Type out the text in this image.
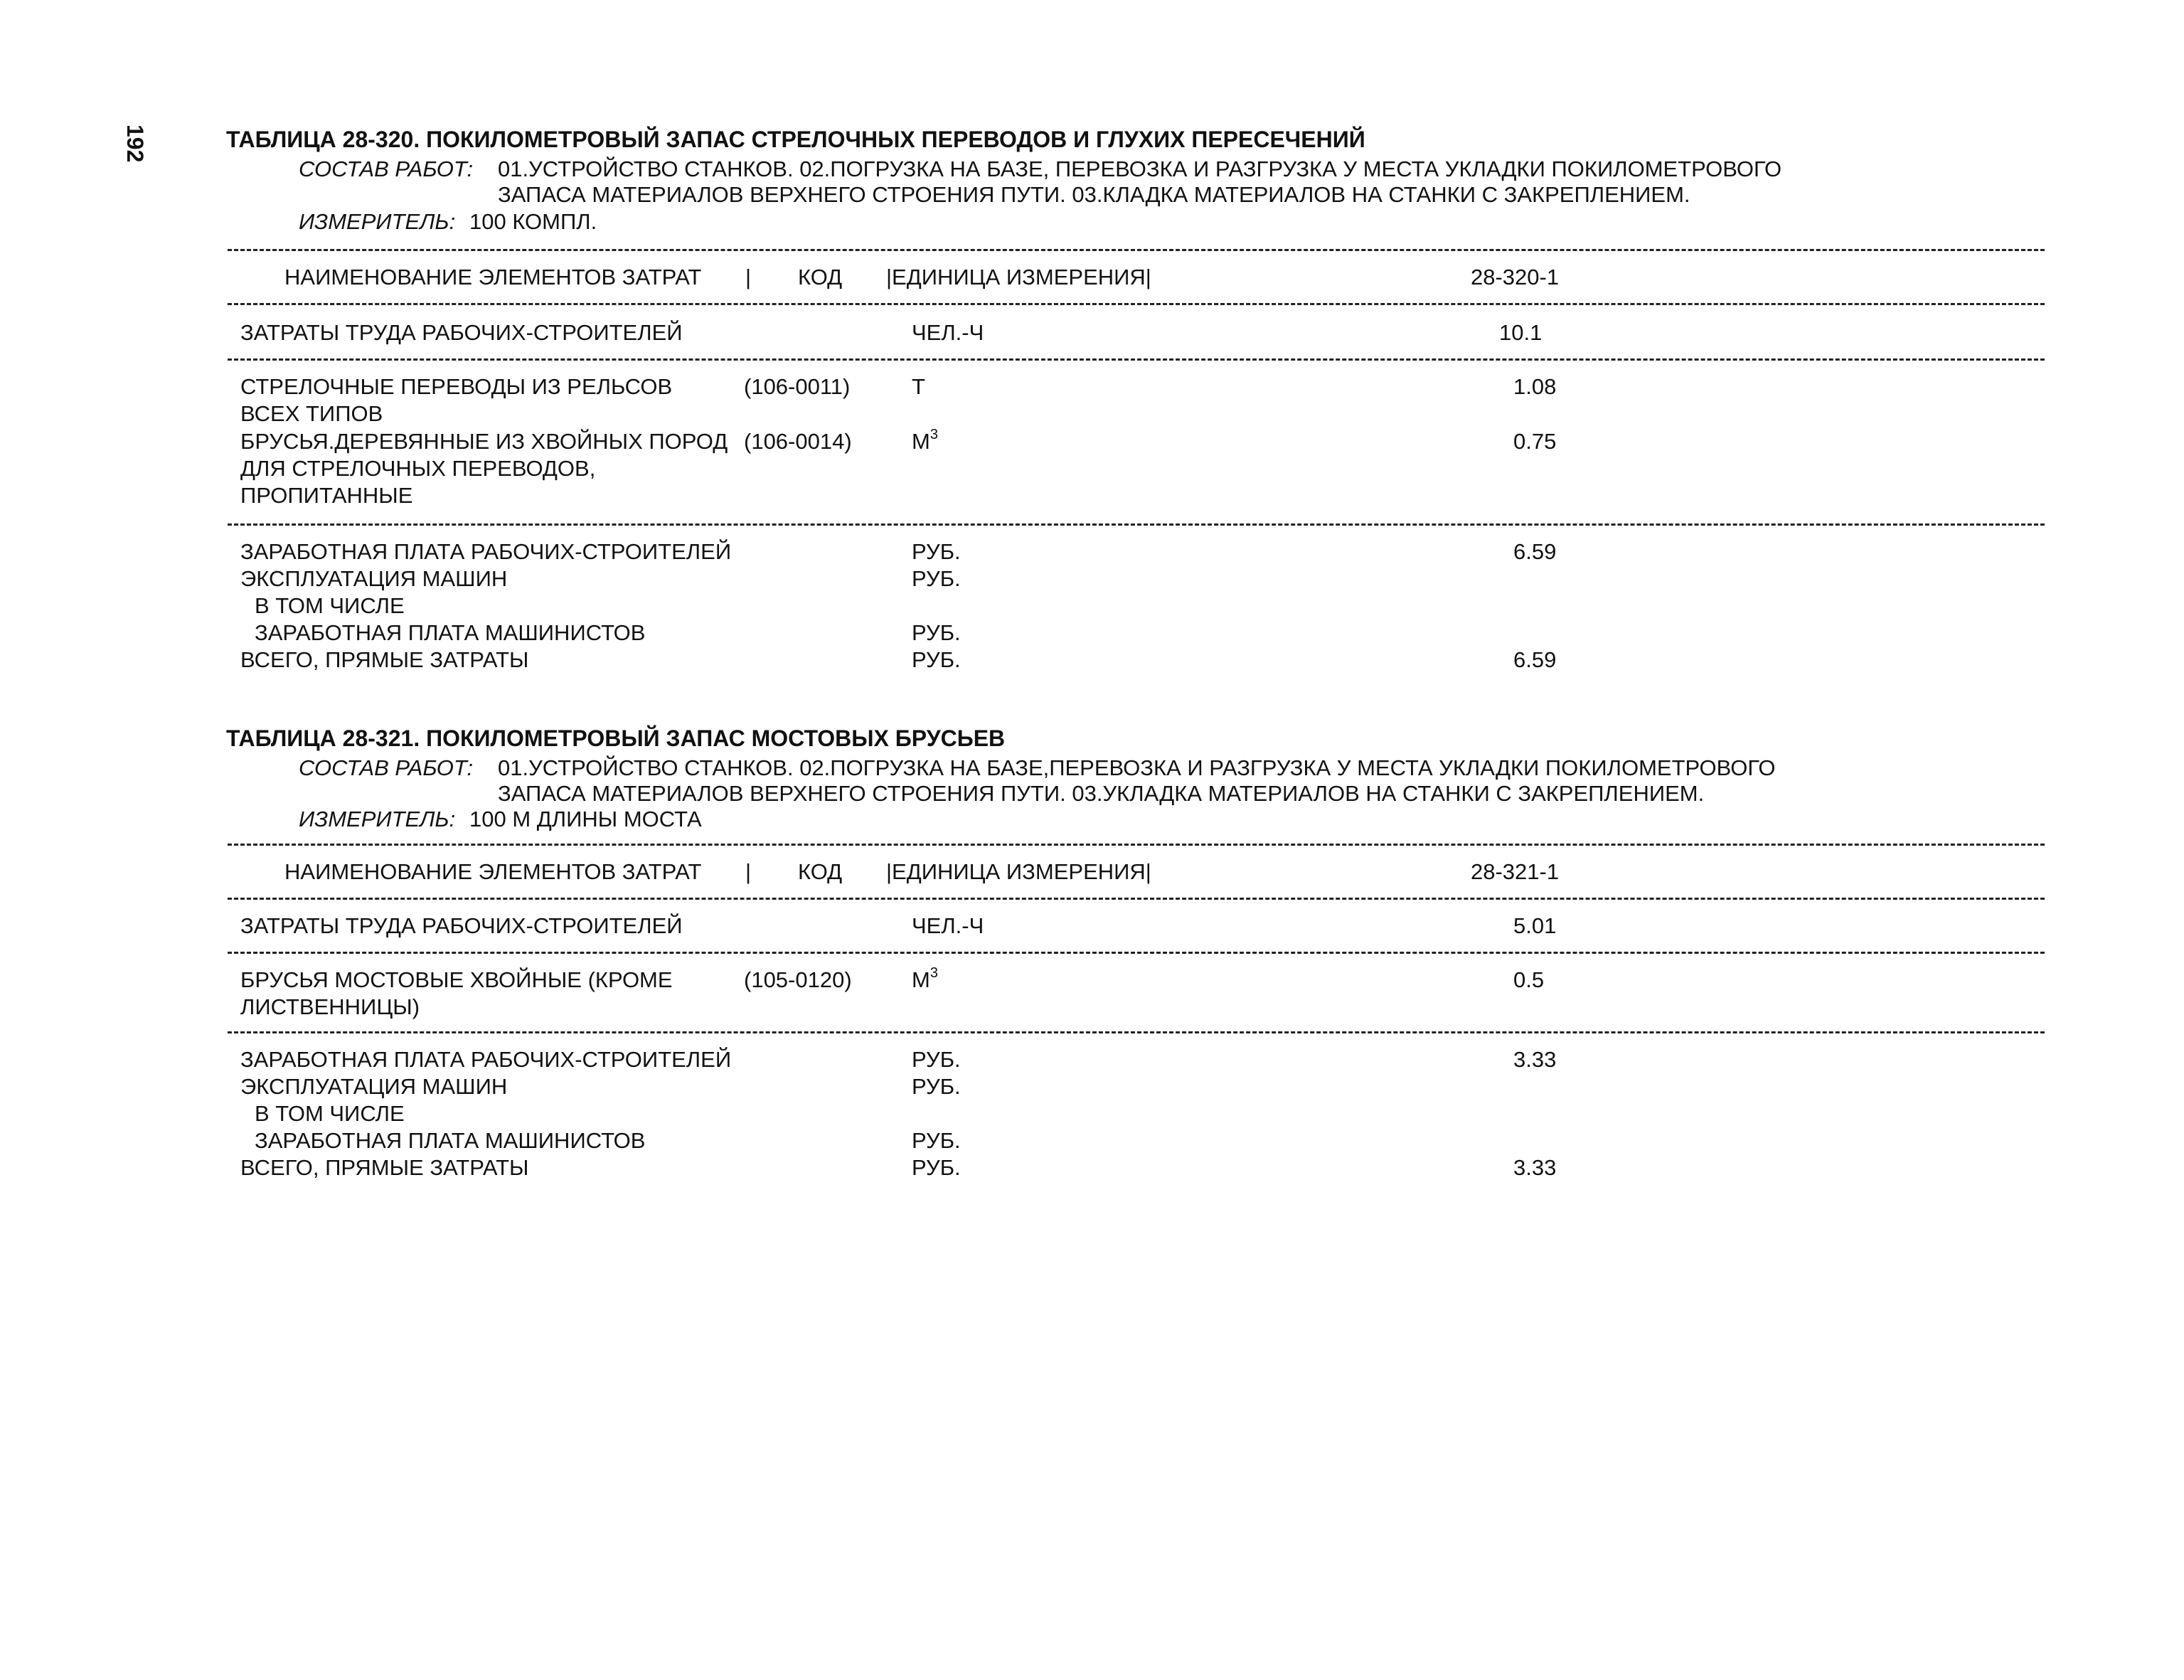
192	ТАБЛИЦА 28-320. ПОКИЛОМЕТРОВЫЙ ЗАПАС СТРЕЛОЧНЫХ ПЕРЕВОДОВ И ГЛУХИХ ПЕРЕСЕЧЕНИЙ
СОСТАВ РАБОТ: 01.УСТРОЙСТВО СТАНКОВ. 02.ПОГРУЗКА НА БАЗЕ, ПЕРЕВОЗКА И РАЗГРУЗКА У МЕСТА УКЛАДКИ ПОКИЛОМЕТРОВОГО
ЗАПАСА МАТЕРИАЛОВ ВЕРХНЕГО СТРОЕНИЯ ПУТИ. 03.КЛАДКА МАТЕРИАЛОВ НА СТАНКИ С ЗАКРЕПЛЕНИЕМ.
ИЗМЕРИТЕЛЬ: 100 КОМПЛ.
НАИМЕНОВАНИЕ ЭЛЕМЕНТОВ ЗАТРАТ | КОД |ЕДИНИЦА ИЗМЕРЕНИЯ|	28-320-1
ЗАТРАТЫ ТРУДА РАБОЧИХ-СТРОИТЕЛЕЙ	ЧЕЛ.-Ч	10.1
СТРЕЛОЧНЫЕ ПЕРЕВОДЫ ИЗ РЕЛЬСОВ
ВСЕХ ТИПОВ
(106-0011)	Т	1.08
БРУСЬЯ.ДЕРЕВЯННЫЕ ИЗ ХВОЙНЫХ ПОРОД
ДЛЯ СТРЕЛОЧНЫХ ПЕРЕВОДОВ,
ПРОПИТАННЫЕ
(106-0014)	$М^3$	0.75
ЗАРАБОТНАЯ ПЛАТА РАБОЧИХ-СТРОИТЕЛЕЙ	РУБ.	6.59
ЭКСПЛУАТАЦИЯ МАШИН	РУБ.
В ТОМ ЧИСЛЕ
ЗАРАБОТНАЯ ПЛАТА МАШИНИСТОВ	РУБ.
ВСЕГО, ПРЯМЫЕ ЗАТРАТЫ	РУБ.	6.59
ТАБЛИЦА 28-321. ПОКИЛОМЕТРОВЫЙ ЗАПАС МОСТОВЫХ БРУСЬЕВ
СОСТАВ РАБОТ: 01.УСТРОЙСТВО СТАНКОВ. 02.ПОГРУЗКА НА БАЗЕ,ПЕРЕВОЗКА И РАЗГРУЗКА У МЕСТА УКЛАДКИ ПОКИЛОМЕТРОВОГО
ЗАПАСА МАТЕРИАЛОВ ВЕРХНЕГО СТРОЕНИЯ ПУТИ. 03.УКЛАДКА МАТЕРИАЛОВ НА СТАНКИ С ЗАКРЕПЛЕНИЕМ.
ИЗМЕРИТЕЛЬ: 100 М ДЛИНЫ МОСТА
НАИМЕНОВАНИЕ ЭЛЕМЕНТОВ ЗАТРАТ | КОД |ЕДИНИЦА ИЗМЕРЕНИЯ|	28-321-1
ЗАТРАТЫ ТРУДА РАБОЧИХ-СТРОИТЕЛЕЙ	ЧЕЛ.-Ч	5.01
БРУСЬЯ МОСТОВЫЕ ХВОЙНЫЕ (КРОМЕ
ЛИСТВЕННИЦЫ)
(105-0120)	$М^3$	0.5
ЗАРАБОТНАЯ ПЛАТА РАБОЧИХ-СТРОИТЕЛЕЙ	РУБ.	3.33
ЭКСПЛУАТАЦИЯ МАШИН	РУБ.
В ТОМ ЧИСЛЕ
ЗАРАБОТНАЯ ПЛАТА МАШИНИСТОВ	РУБ.
ВСЕГО, ПРЯМЫЕ ЗАТРАТЫ	РУБ.	3.33
